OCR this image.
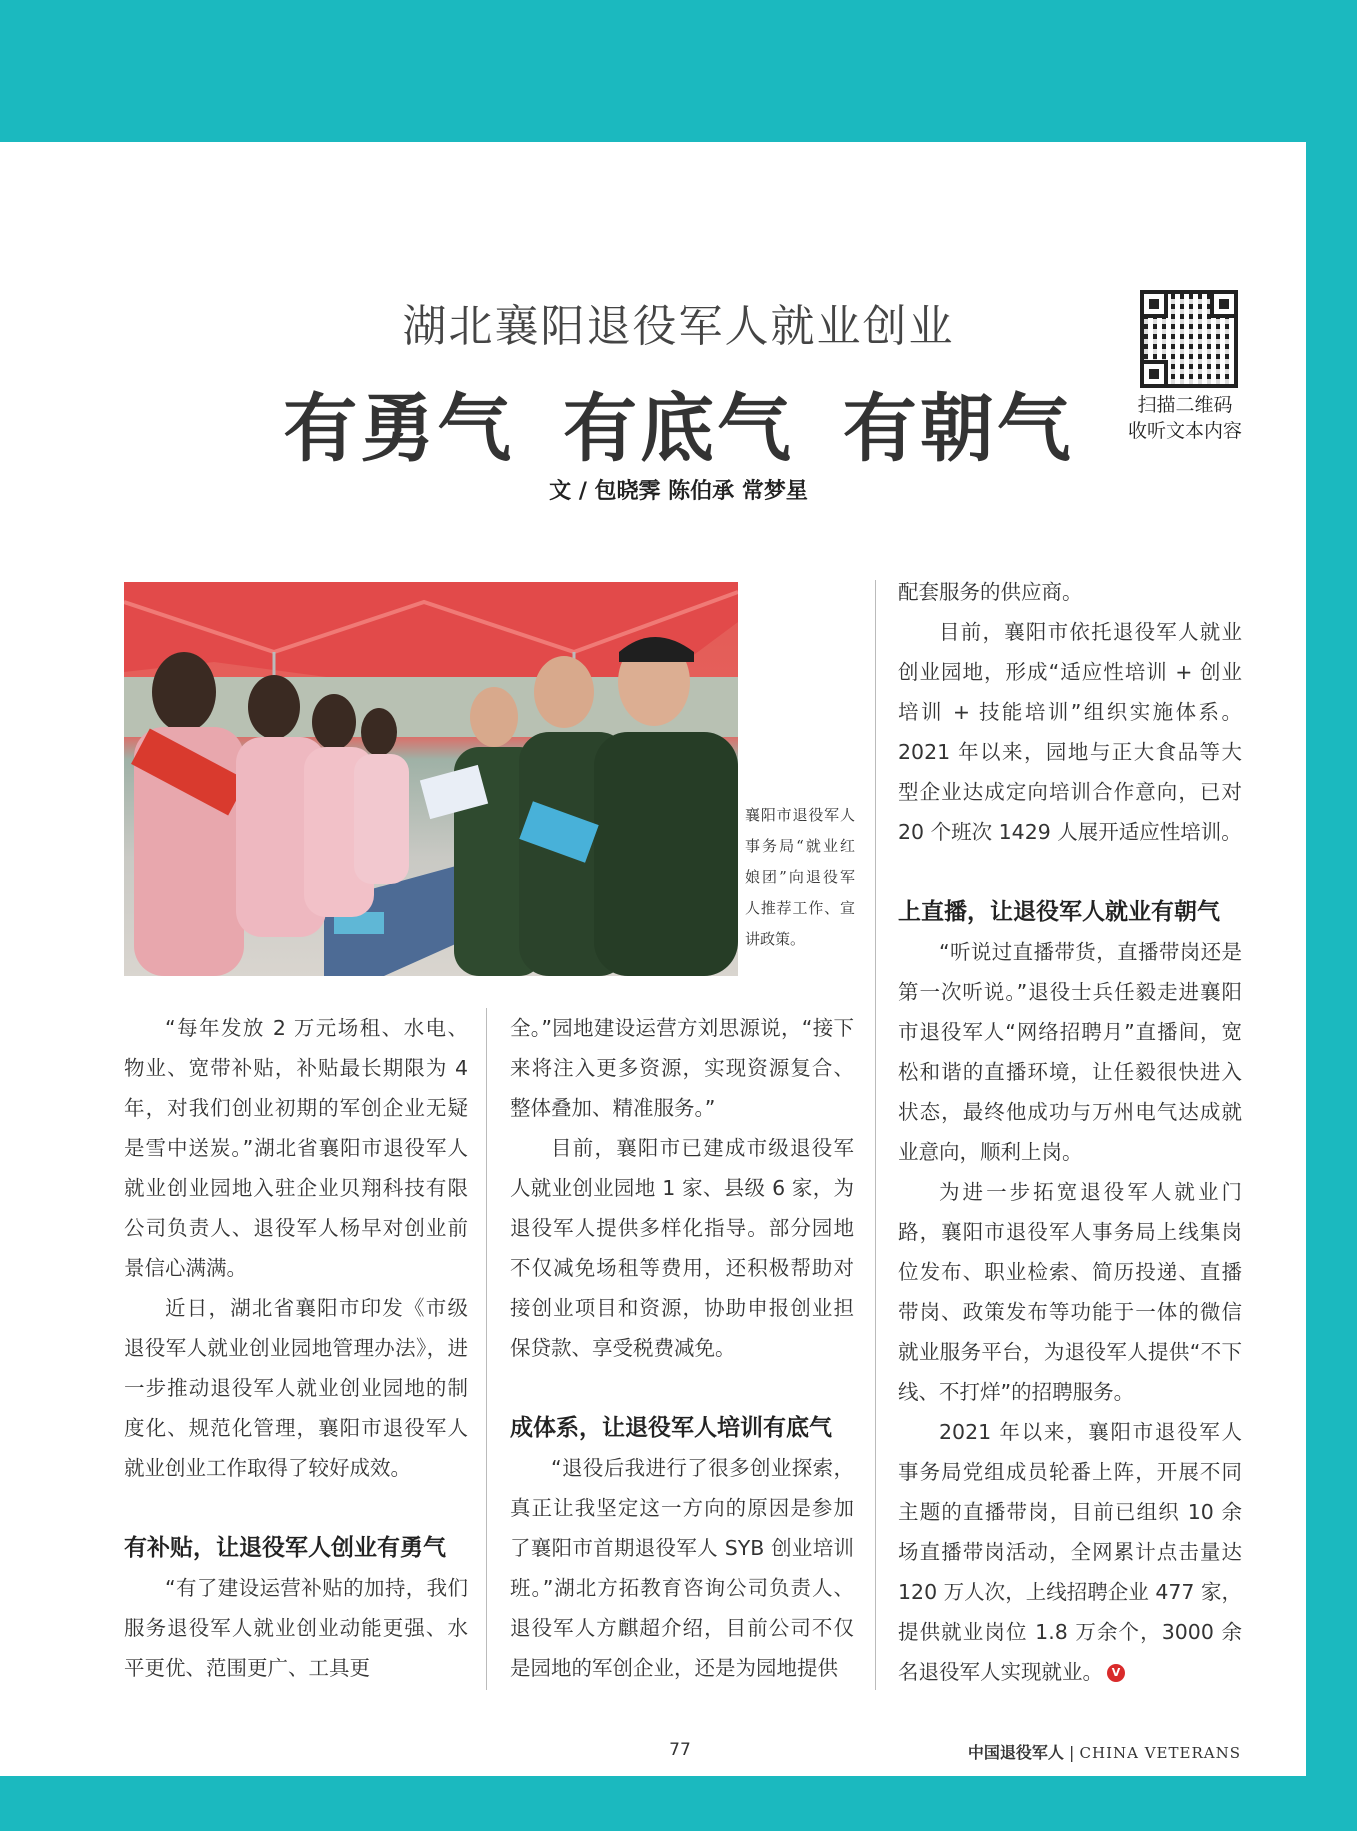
湖北襄阳退役军人就业创业
有勇气 有底气 有朝气
文 / 包晓霁 陈伯承 常梦星
扫描二维码
收听文本内容
襄阳市退役军人事务局“就业红娘团”向退役军人推荐工作、宣讲政策。

“每年发放 2 万元场租、水电、物业、宽带补贴，补贴最长期限为 4 年，对我们创业初期的军创企业无疑是雪中送炭。”湖北省襄阳市退役军人就业创业园地入驻企业贝翔科技有限公司负责人、退役军人杨早对创业前景信心满满。

近日，湖北省襄阳市印发《市级退役军人就业创业园地管理办法》，进一步推动退役军人就业创业园地的制度化、规范化管理，襄阳市退役军人就业创业工作取得了较好成效。

有补贴，让退役军人创业有勇气

“有了建设运营补贴的加持，我们服务退役军人就业创业动能更强、水平更优、范围更广、工具更

全。”园地建设运营方刘思源说，“接下来将注入更多资源，实现资源复合、整体叠加、精准服务。”

目前，襄阳市已建成市级退役军人就业创业园地 1 家、县级 6 家，为退役军人提供多样化指导。部分园地不仅减免场租等费用，还积极帮助对接创业项目和资源，协助申报创业担保贷款、享受税费减免。

成体系，让退役军人培训有底气

“退役后我进行了很多创业探索，真正让我坚定这一方向的原因是参加了襄阳市首期退役军人 SYB 创业培训班。”湖北方拓教育咨询公司负责人、退役军人方麒超介绍，目前公司不仅是园地的军创企业，还是为园地提供

配套服务的供应商。

目前，襄阳市依托退役军人就业创业园地，形成“适应性培训 + 创业培训 + 技能培训”组织实施体系。2021 年以来，园地与正大食品等大型企业达成定向培训合作意向，已对 20 个班次 1429 人展开适应性培训。

上直播，让退役军人就业有朝气

“听说过直播带货，直播带岗还是第一次听说。”退役士兵任毅走进襄阳市退役军人“网络招聘月”直播间，宽松和谐的直播环境，让任毅很快进入状态，最终他成功与万州电气达成就业意向，顺利上岗。

为进一步拓宽退役军人就业门路，襄阳市退役军人事务局上线集岗位发布、职业检索、简历投递、直播带岗、政策发布等功能于一体的微信就业服务平台，为退役军人提供“不下线、不打烊”的招聘服务。

2021 年以来，襄阳市退役军人事务局党组成员轮番上阵，开展不同主题的直播带岗，目前已组织 10 余场直播带岗活动，全网累计点击量达 120 万人次，上线招聘企业 477 家，提供就业岗位 1.8 万余个，3000 余名退役军人实现就业。 V

77	中国退役军人 | CHINA VETERANS
